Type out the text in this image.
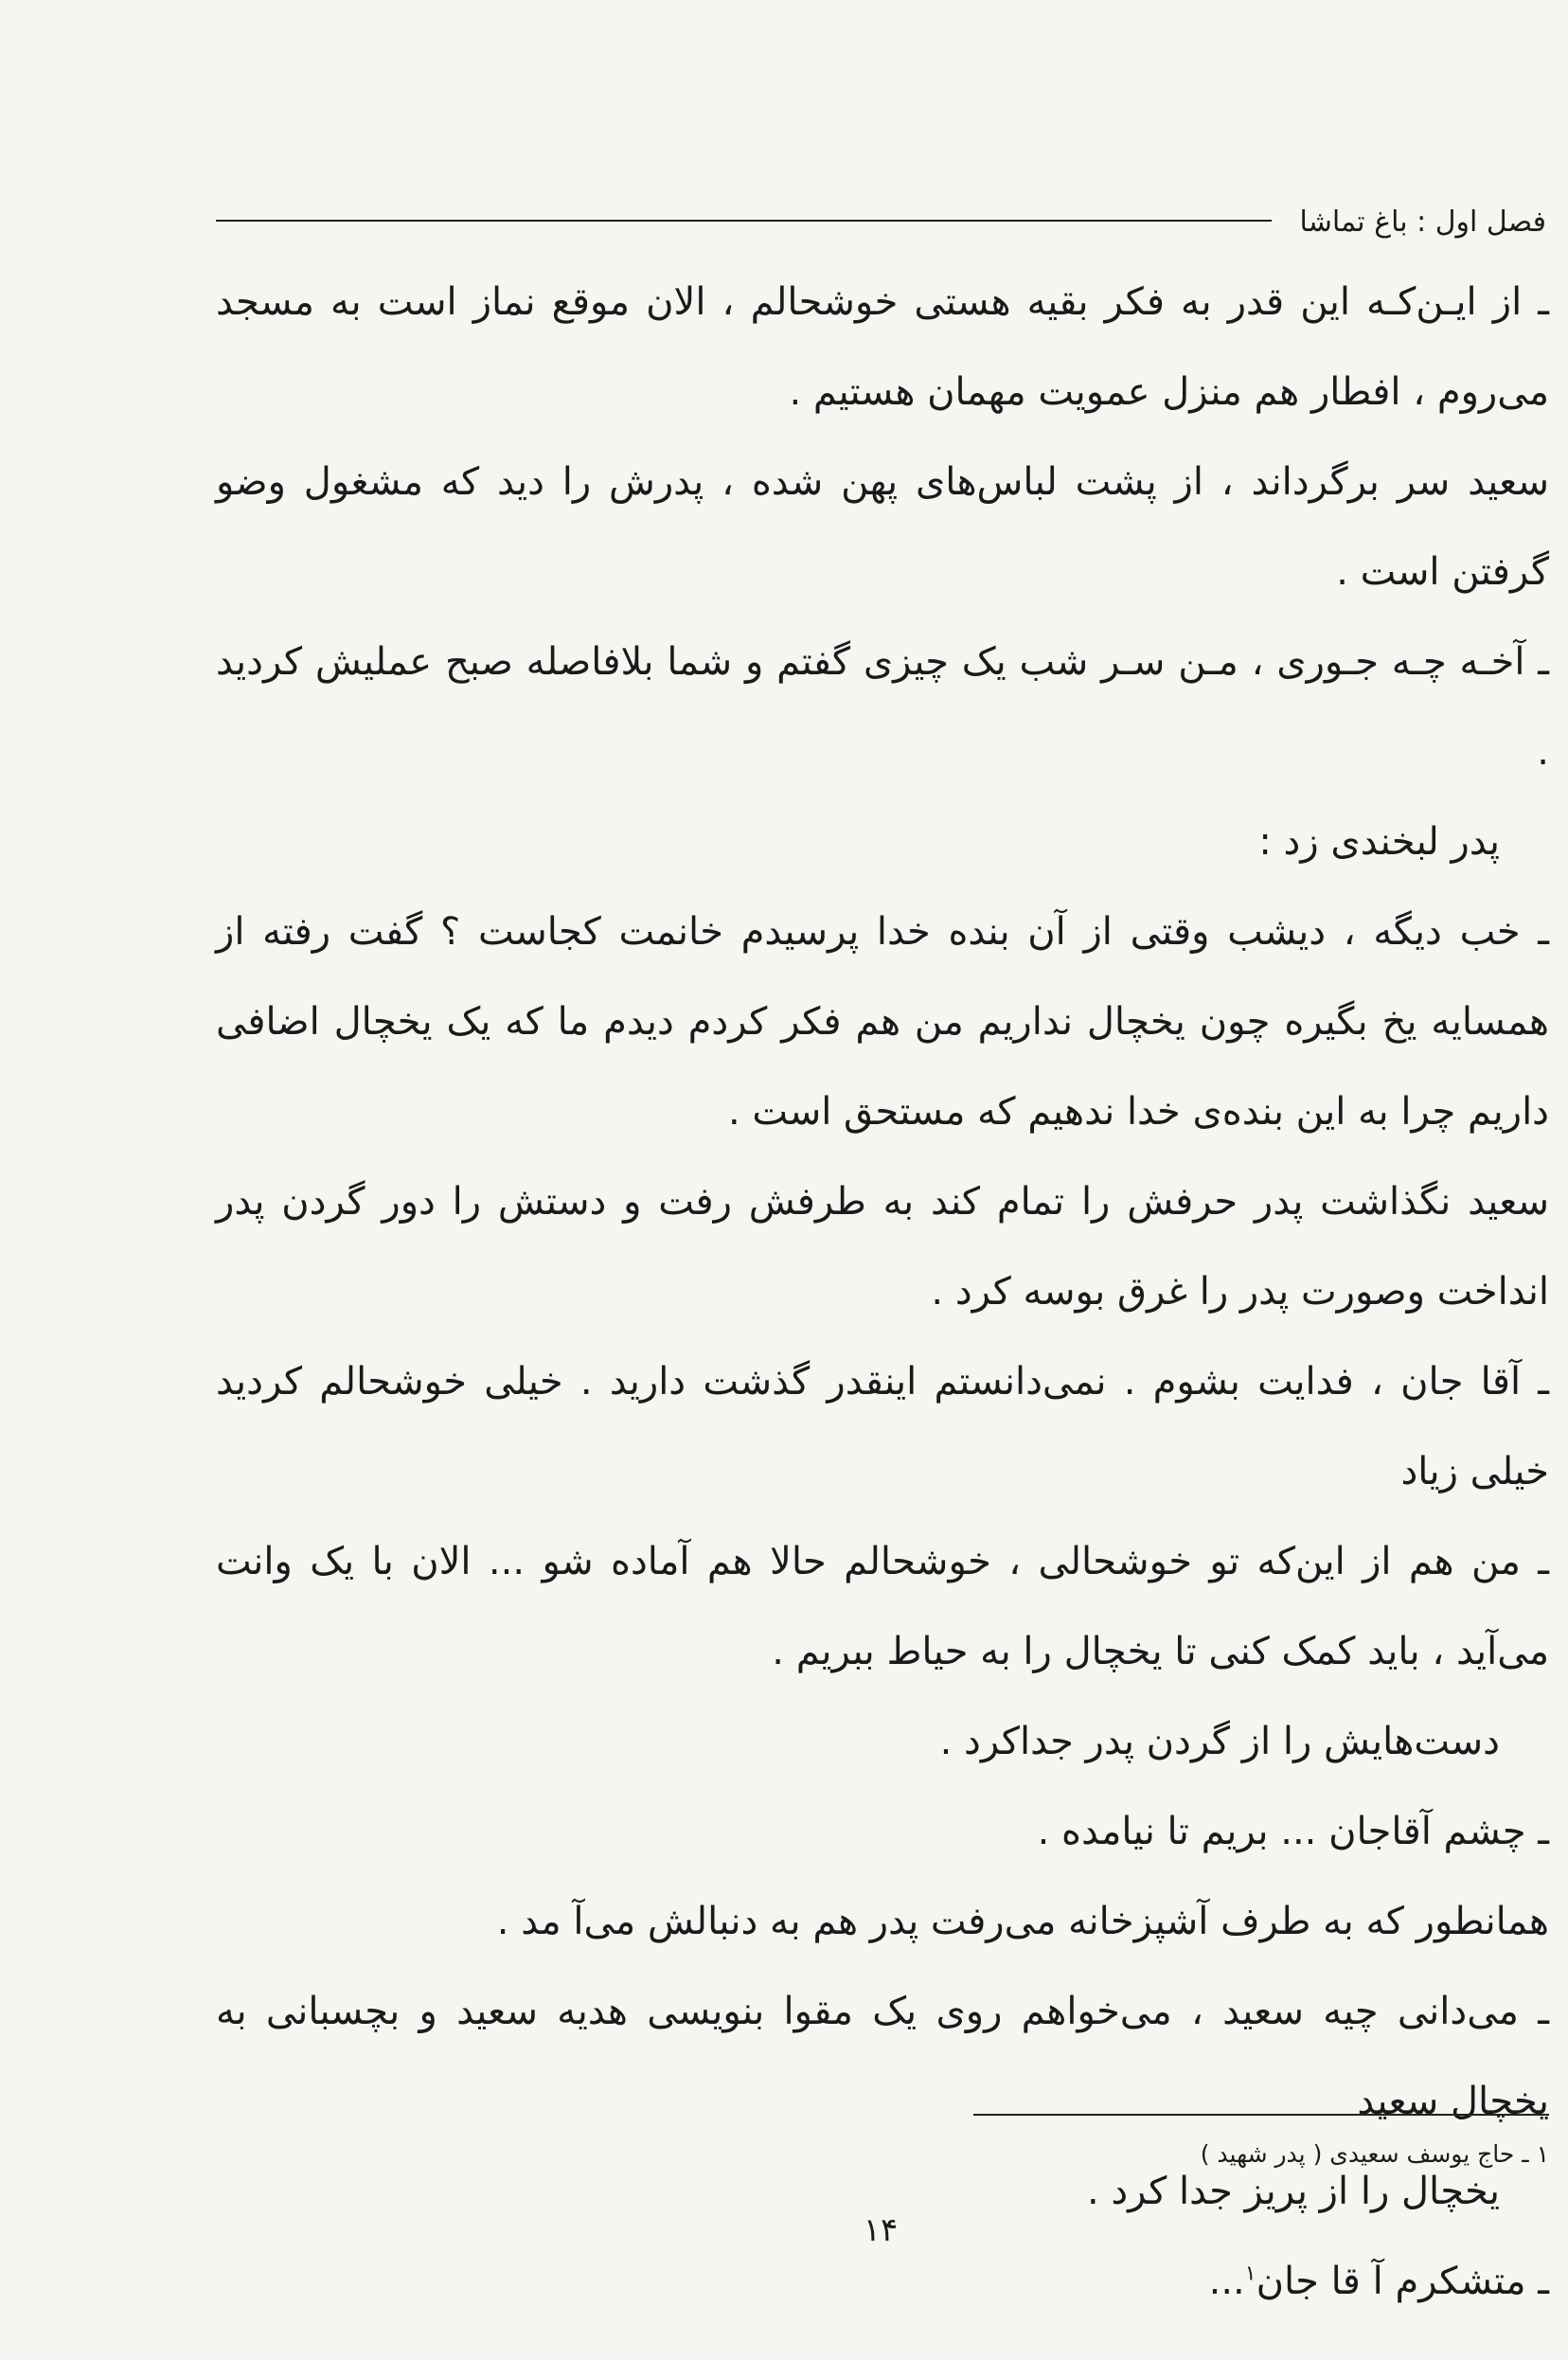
فصل اول : باغ تماشا

ـ از ایـن‌کـه این قدر به فکر بقیه هستی خوشحالم ، الان موقع نماز است به مسجد می‌روم ، افطار هم منزل عمویت مهمان هستیم .

سعید سر برگرداند ، از پشت لباس‌های پهن شده ، پدرش را دید که مشغول وضو گرفتن است .

ـ آخـه چـه جـوری ، مـن سـر شب یک چیزی گفتم و شما بلافاصله صبح عملیش کردید .

پدر لبخندی زد :

ـ خب دیگه ، دیشب وقتی از آن بنده خدا پرسیدم خانمت کجاست ؟ گفت رفته از همسایه یخ بگیره چون یخچال نداریم من هم فکر کردم دیدم ما که یک یخچال اضافی داریم چرا به این بنده‌ی خدا ندهیم که مستحق است .

سعید نگذاشت پدر حرفش را تمام کند به طرفش رفت و دستش را دور گردن پدر انداخت وصورت پدر را غرق بوسه کرد .

ـ آقا جان ، فدایت بشوم . نمی‌دانستم اینقدر گذشت دارید . خیلی خوشحالم کردید خیلی زیاد

ـ من هم از این‌که تو خوشحالی ، خوشحالم حالا هم آماده شو ... الان با یک وانت می‌آید ، باید کمک کنی تا یخچال را به حیاط ببریم .

دست‌هایش را از گردن پدر جداکرد .

ـ چشم آقاجان ... بریم تا نیامده .

همانطور که به طرف آشپزخانه می‌رفت پدر هم به دنبالش می‌آ مد .

ـ می‌دانی چیه سعید ، می‌خواهم روی یک مقوا بنویسی هدیه سعید و بچسبانی به یخچال سعید

یخچال را از پریز جدا کرد .

ـ متشکرم آ قا جان$^۱$...

۱ ـ حاج یوسف سعیدی ( پدر شهید )
۱۴
